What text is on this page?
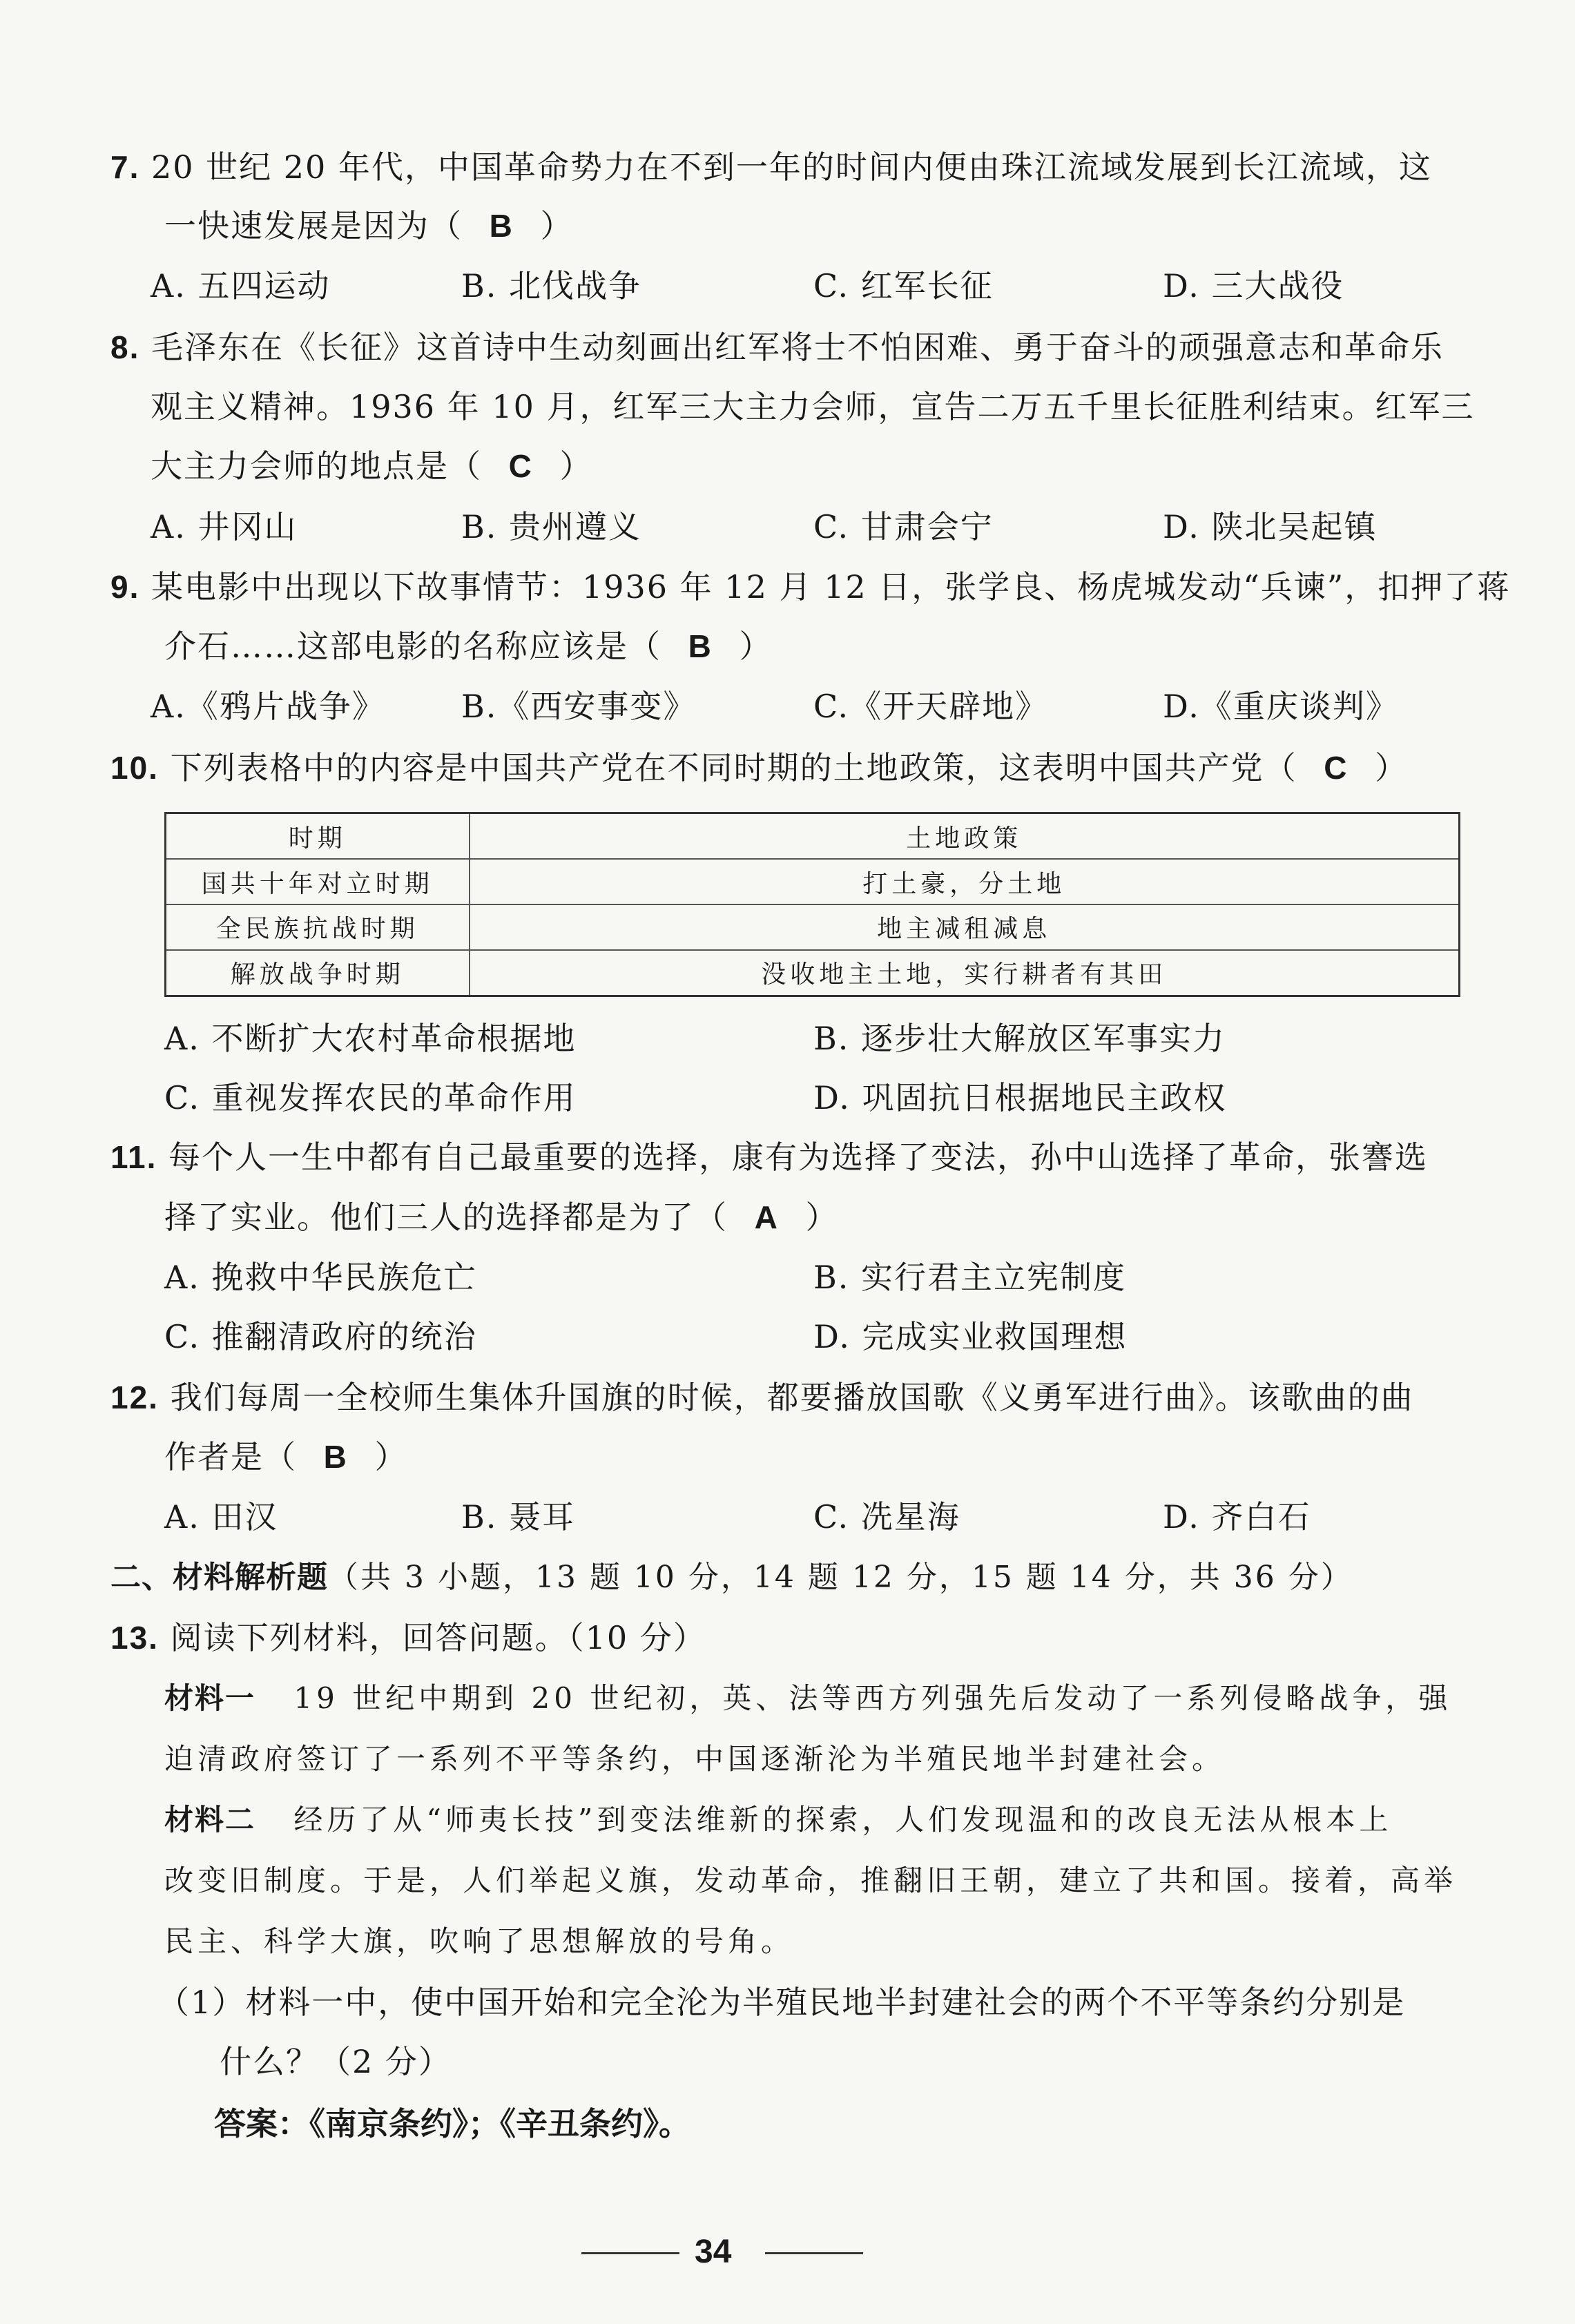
7. 20 世纪 20 年代，中国革命势力在不到一年的时间内便由珠江流域发展到长江流域，这
一快速发展是因为（ B ）
A. 五四运动	B. 北伐战争	C. 红军长征	D. 三大战役
8. 毛泽东在《长征》这首诗中生动刻画出红军将士不怕困难、勇于奋斗的顽强意志和革命乐
观主义精神。1936 年 10 月，红军三大主力会师，宣告二万五千里长征胜利结束。红军三
大主力会师的地点是（ C ）
A. 井冈山	B. 贵州遵义	C. 甘肃会宁	D. 陕北吴起镇
9. 某电影中出现以下故事情节：1936 年 12 月 12 日，张学良、杨虎城发动“兵谏”，扣押了蒋
介石……这部电影的名称应该是（ B ）
A.《鸦片战争》 B.《西安事变》	C.《开天辟地》	D.《重庆谈判》
10. 下列表格中的内容是中国共产党在不同时期的土地政策，这表明中国共产党（ C ）
时期	土地政策
国共十年对立时期	打土豪，分土地
全民族抗战时期	地主减租减息
解放战争时期	没收地主土地，实行耕者有其田
A. 不断扩大农村革命根据地	B. 逐步壮大解放区军事实力
C. 重视发挥农民的革命作用	D. 巩固抗日根据地民主政权
11. 每个人一生中都有自己最重要的选择，康有为选择了变法，孙中山选择了革命，张謇选
择了实业。他们三人的选择都是为了（ A ）
A. 挽救中华民族危亡	B. 实行君主立宪制度
C. 推翻清政府的统治	D. 完成实业救国理想
12. 我们每周一全校师生集体升国旗的时候，都要播放国歌《义勇军进行曲》。该歌曲的曲
作者是（ B ）
A. 田汉	B. 聂耳	C. 冼星海	D. 齐白石
二、材料解析题（共 3 小题，13 题 10 分，14 题 12 分，15 题 14 分，共 36 分）
13. 阅读下列材料，回答问题。（10 分）
材料一 19 世纪中期到 20 世纪初，英、法等西方列强先后发动了一系列侵略战争，强
迫清政府签订了一系列不平等条约，中国逐渐沦为半殖民地半封建社会。
材料二 经历了从“师夷长技”到变法维新的探索，人们发现温和的改良无法从根本上
改变旧制度。于是，人们举起义旗，发动革命，推翻旧王朝，建立了共和国。接着，高举
民主、科学大旗，吹响了思想解放的号角。
（1）材料一中，使中国开始和完全沦为半殖民地半封建社会的两个不平等条约分别是
什么？（2 分）
答案：《南京条约》；《辛丑条约》。
34
